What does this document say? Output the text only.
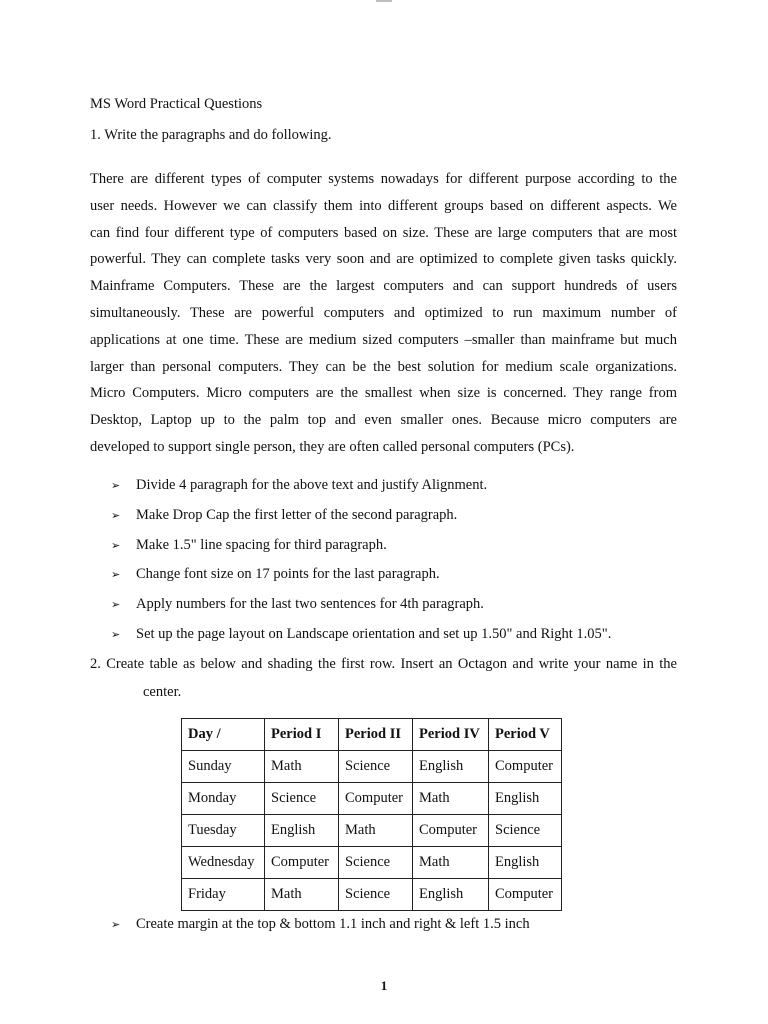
MS Word Practical Questions
1. Write the paragraphs and do following.
There are different types of computer systems nowadays for different purpose according to the
user needs. However we can classify them into different groups based on different aspects. We
can find four different type of computers based on size. These are large computers that are most
powerful. They can complete tasks very soon and are optimized to complete given tasks quickly.
Mainframe Computers. These are the largest computers and can support hundreds of users
simultaneously. These are powerful computers and optimized to run maximum number of
applications at one time. These are medium sized computers –smaller than mainframe but much
larger than personal computers. They can be the best solution for medium scale organizations.
Micro Computers. Micro computers are the smallest when size is concerned. They range from
Desktop, Laptop up to the palm top and even smaller ones. Because micro computers are
developed to support single person, they are often called personal computers (PCs).
➢ Divide 4 paragraph for the above text and justify Alignment.
➢ Make Drop Cap the first letter of the second paragraph.
➢ Make 1.5" line spacing for third paragraph.
➢ Change font size on 17 points for the last paragraph.
➢ Apply numbers for the last two sentences for 4th paragraph.
➢ Set up the page layout on Landscape orientation and set up 1.50" and Right 1.05".
2. Create table as below and shading the first row. Insert an Octagon and write your name in the
center.
Day /	Period I	Period II	Period IV	Period V
Sunday	Math	Science	English	Computer
Monday	Science	Computer	Math	English
Tuesday	English	Math	Computer	Science
Wednesday	Computer	Science	Math	English
Friday	Math	Science	English	Computer
➢ Create margin at the top & bottom 1.1 inch and right & left 1.5 inch
1
